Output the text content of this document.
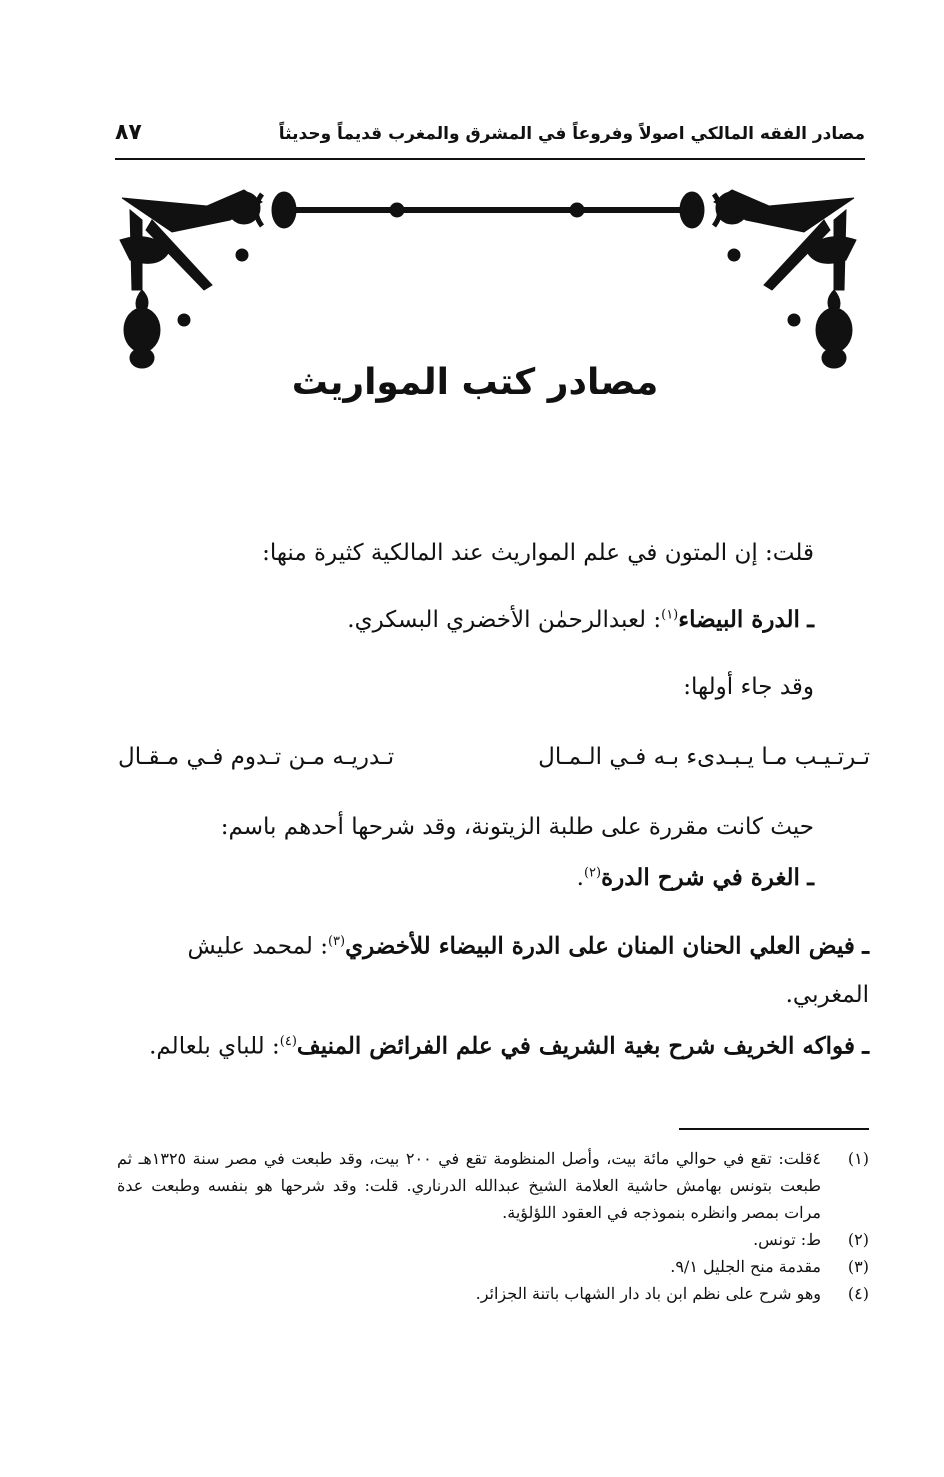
مصادر الفقه المالكي اصولاً وفروعاً في المشرق والمغرب قديماً وحديثاً
٨٧
مصادر كتب المواريث
قلت: إن المتون في علم المواريث عند المالكية كثيرة منها:
ـ الدرة البيضاء$^{(١)}$: لعبدالرحمٰن الأخضري البسكري.
وقد جاء أولها:
تـرتـيـب مـا يـبـدىء بـه فـي الـمـال
تـدريـه مـن تـدوم فـي مـقـال
حيث كانت مقررة على طلبة الزيتونة، وقد شرحها أحدهم باسم:
ـ الغرة في شرح الدرة$^{(٢)}$.
ـ فيض العلي الحنان المنان على الدرة البيضاء للأخضري$^{(٣)}$: لمحمد عليش المغربي.
ـ فواكه الخريف شرح بغية الشريف في علم الفرائض المنيف$^{(٤)}$: للباي بلعالم.
(١)
٤قلت: تقع في حوالي مائة بيت، وأصل المنظومة تقع في ٢٠٠ بيت، وقد طبعت في مصر سنة ١٣٢٥هـ ثم طبعت بتونس بهامش حاشية العلامة الشيخ عبدالله الدرناري. قلت: وقد شرحها هو بنفسه وطبعت عدة مرات بمصر وانظره بنموذجه في العقود اللؤلؤية.
(٢)
ط: تونس.
(٣)
مقدمة منح الجليل ٩/١.
(٤)
وهو شرح على نظم ابن باد دار الشهاب باتنة الجزائر.
